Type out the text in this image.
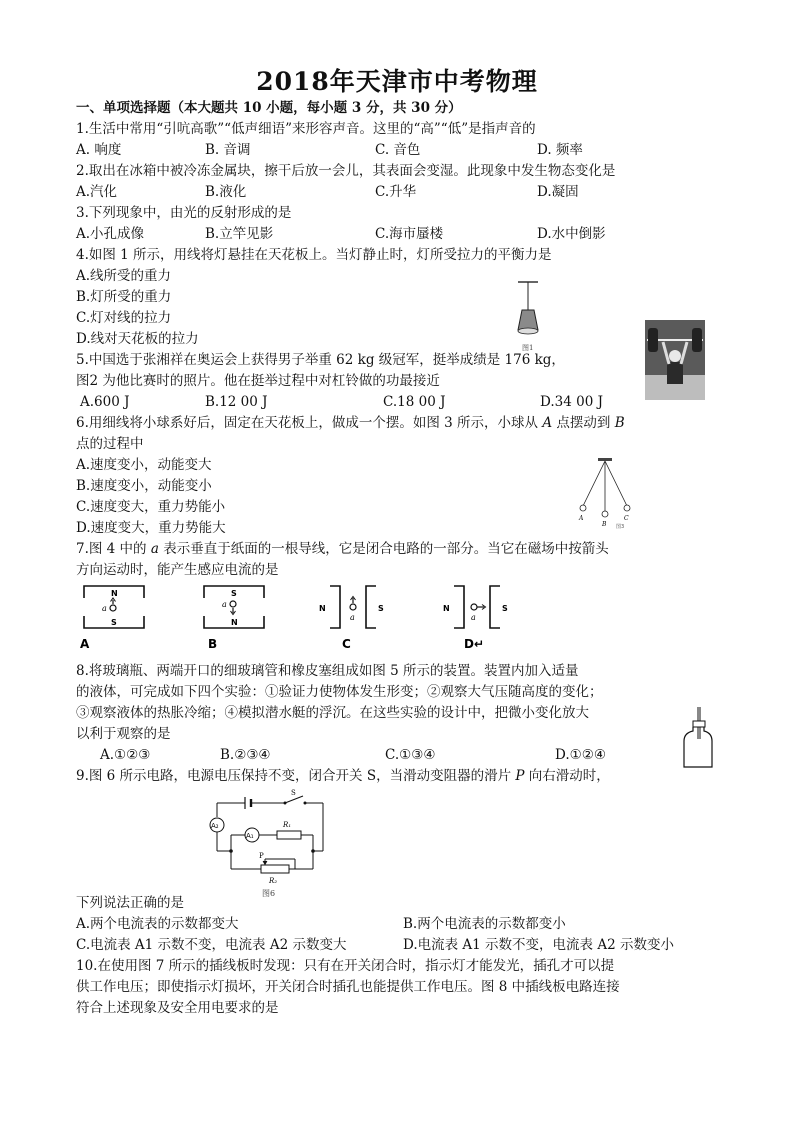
2018年天津市中考物理
一、单项选择题（本大题共 10 小题，每小题 3 分，共 30 分）
1.生活中常用“引吭高歌”“低声细语”来形容声音。这里的“高”“低”是指声音的
A. 响度	B. 音调	C. 音色	D. 频率
2.取出在冰箱中被冷冻金属块，擦干后放一会儿，其表面会变湿。此现象中发生物态变化是
A.汽化	B.液化	C.升华	D.凝固
3.下列现象中，由光的反射形成的是
A.小孔成像	B.立竿见影	C.海市蜃楼	D.水中倒影
4.如图 1 所示，用线将灯悬挂在天花板上。当灯静止时，灯所受拉力的平衡力是
A.线所受的重力
B.灯所受的重力
C.灯对线的拉力
D.线对天花板的拉力
图1
5.中国选于张湘祥在奥运会上获得男子举重 62 kg 级冠军，挺举成绩是 176 kg，
图2 为他比赛时的照片。他在挺举过程中对杠铃做的功最接近
A.600 J	B.12 00 J	C.18 00 J	D.34 00 J
6.用细线将小球系好后，固定在天花板上，做成一个摆。如图 3 所示，小球从 A 点摆动到 B
点的过程中
A.速度变小，动能变大
B.速度变小，动能变小
C.速度变大，重力势能小
D.速度变大，重力势能大
A
B
C
图3
7.图 4 中的 a 表示垂直于纸面的一根导线，它是闭合电路的一部分。当它在磁场中按箭头
方向运动时，能产生感应电流的是
N
S
a
A
S
N
a
B
N	S
a
C
N	S
a
D↵
8.将玻璃瓶、两端开口的细玻璃管和橡皮塞组成如图 5 所示的装置。装置内加入适量
的液体，可完成如下四个实验：①验证力使物体发生形变；②观察大气压随高度的变化；
③观察液体的热胀冷缩；④模拟潜水艇的浮沉。在这些实验的设计中，把微小变化放大
以利于观察的是
A.①②③	B.②③④	C.①③④	D.①②④
9.图 6 所示电路，电源电压保持不变，闭合开关 S，当滑动变阻器的滑片 P 向右滑动时，
S
A₂
A₁
R₁
P
R₂
图6
下列说法正确的是
A.两个电流表的示数都变大	B.两个电流表的示数都变小
C.电流表 A1 示数不变，电流表 A2 示数变大	D.电流表 A1 示数不变，电流表 A2 示数变小
10.在使用图 7 所示的插线板时发现：只有在开关闭合时，指示灯才能发光，插孔才可以提
供工作电压；即使指示灯损坏，开关闭合时插孔也能提供工作电压。图 8 中插线板电路连接
符合上述现象及安全用电要求的是
